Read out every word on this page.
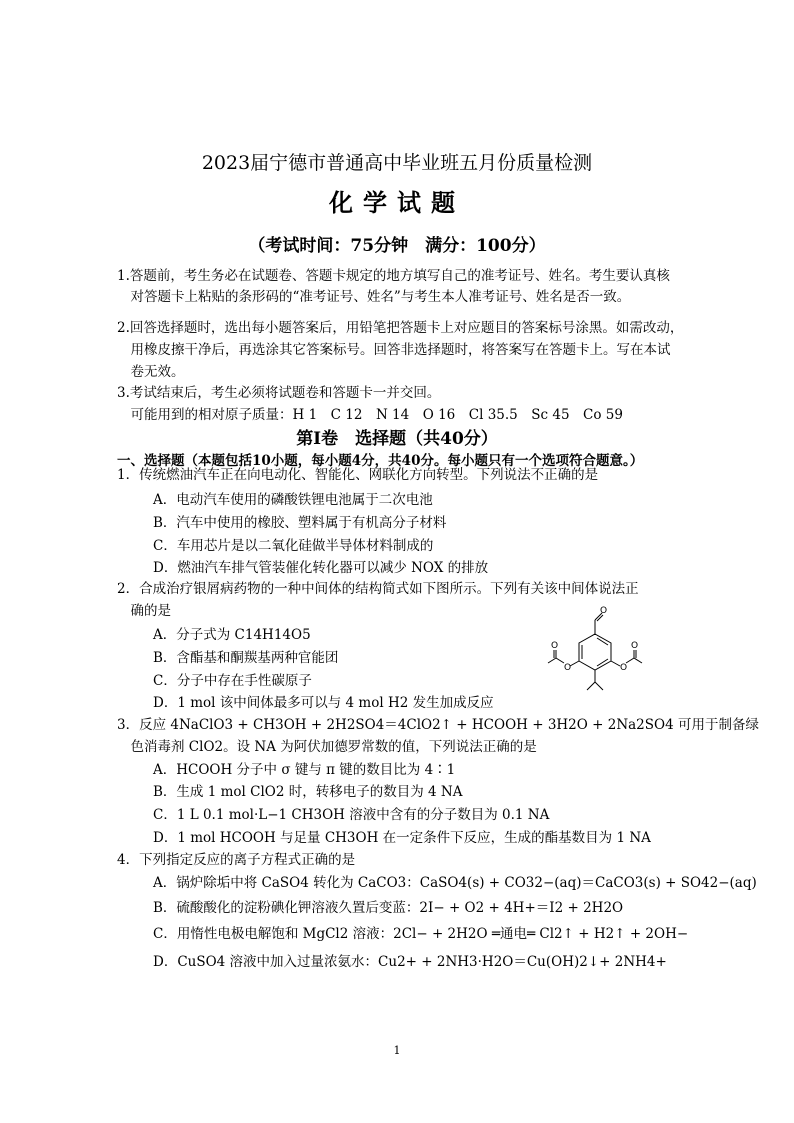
2023届宁德市普通高中毕业班五月份质量检测
化学试题
（考试时间：75分钟　满分：100分）
1.答题前，考生务必在试题卷、答题卡规定的地方填写自己的准考证号、姓名。考生要认真核
　对答题卡上粘贴的条形码的“准考证号、姓名”与考生本人准考证号、姓名是否一致。
2.回答选择题时，选出每小题答案后，用铅笔把答题卡上对应题目的答案标号涂黑。如需改动，
　用橡皮擦干净后，再选涂其它答案标号。回答非选择题时，将答案写在答题卡上。写在本试
　卷无效。
3.考试结束后，考生必须将试题卷和答题卡一并交回。
　可能用到的相对原子质量：H 1　C 12　N 14　O 16　Cl 35.5　Sc 45　Co 59
第Ⅰ卷　选择题（共40分）
一、选择题（本题包括10小题，每小题4分，共40分。每小题只有一个选项符合题意。）
1．传统燃油汽车正在向电动化、智能化、网联化方向转型。下列说法不正确的是
A．电动汽车使用的磷酸铁锂电池属于二次电池
B．汽车中使用的橡胶、塑料属于有机高分子材料
C．车用芯片是以二氧化硅做半导体材料制成的
D．燃油汽车排气管装催化转化器可以减少 NOX 的排放
2．合成治疗银屑病药物的一种中间体的结构简式如下图所示。下列有关该中间体说法正
　确的是
A．分子式为 C14H14O5
B．含酯基和酮羰基两种官能团
C．分子中存在手性碳原子
D．1 mol 该中间体最多可以与 4 mol H2 发生加成反应
O
O
O
O
O
3．反应 4NaClO3 + CH3OH + 2H2SO4＝4ClO2↑ + HCOOH + 3H2O + 2Na2SO4 可用于制备绿
　色消毒剂 ClO2。设 NA 为阿伏加德罗常数的值，下列说法正确的是
A．HCOOH 分子中 σ 键与 π 键的数目比为 4∶1
B．生成 1 mol ClO2 时，转移电子的数目为 4 NA
C．1 L 0.1 mol·L−1 CH3OH 溶液中含有的分子数目为 0.1 NA
D．1 mol HCOOH 与足量 CH3OH 在一定条件下反应，生成的酯基数目为 1 NA
4．下列指定反应的离子方程式正确的是
A．锅炉除垢中将 CaSO4 转化为 CaCO3：CaSO4(s) + CO32−(aq)＝CaCO3(s) + SO42−(aq)
B．硫酸酸化的淀粉碘化钾溶液久置后变蓝：2I− + O2 + 4H+＝I2 + 2H2O
C．用惰性电极电解饱和 MgCl2 溶液：2Cl− + 2H2O ═通电═ Cl2↑ + H2↑ + 2OH−
D．CuSO4 溶液中加入过量浓氨水：Cu2+ + 2NH3·H2O＝Cu(OH)2↓+ 2NH4+
1
